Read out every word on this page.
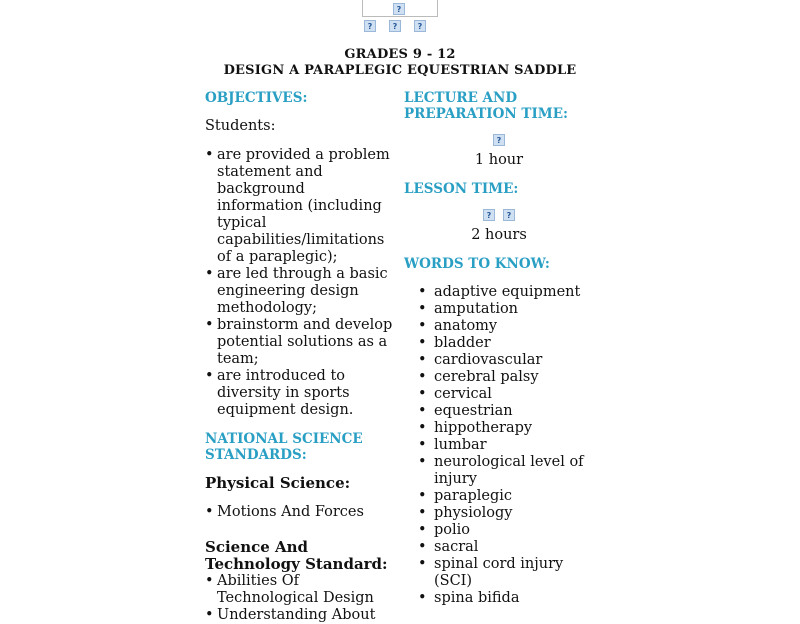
?
?	?	?
GRADES 9 - 12
DESIGN A PARAPLEGIC EQUESTRIAN SADDLE
OBJECTIVES:
Students:
• are provided a problem statement and background information (including typical capabilities/limitations of a paraplegic);
• are led through a basic engineering design methodology;
• brainstorm and develop potential solutions as a team;
• are introduced to diversity in sports equipment design.
NATIONAL SCIENCE STANDARDS:
Physical Science:
• Motions And Forces
Science And Technology Standard:
• Abilities Of Technological Design
• Understanding About
LECTURE AND PREPARATION TIME:
?
1 hour
LESSON TIME:
?	?
2 hours
WORDS TO KNOW:
• adaptive equipment
• amputation
• anatomy
• bladder
• cardiovascular
• cerebral palsy
• cervical
• equestrian
• hippotherapy
• lumbar
• neurological level of injury
• paraplegic
• physiology
• polio
• sacral
• spinal cord injury (SCI)
• spina bifida
